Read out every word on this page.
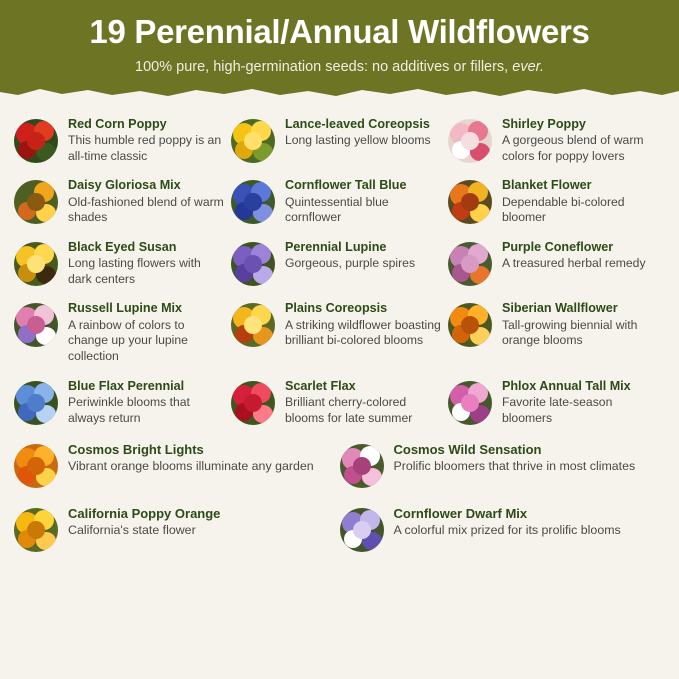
19 Perennial/Annual Wildflowers
100% pure, high-germination seeds: no additives or fillers, ever.

Red Corn Poppy

This humble red poppy is an all-time classic

Lance-leaved Coreopsis

Long lasting yellow blooms

Shirley Poppy

A gorgeous blend of warm colors for poppy lovers

Daisy Gloriosa Mix

Old-fashioned blend of warm shades

Cornflower Tall Blue

Quintessential blue cornflower

Blanket Flower

Dependable bi-colored bloomer

Black Eyed Susan

Long lasting flowers with dark centers

Perennial Lupine

Gorgeous, purple spires

Purple Coneflower

A treasured herbal remedy

Russell Lupine Mix

A rainbow of colors to change up your lupine collection

Plains Coreopsis

A striking wildflower boasting brilliant bi-colored blooms

Siberian Wallflower

Tall-growing biennial with orange blooms

Blue Flax Perennial

Periwinkle blooms that always return

Scarlet Flax

Brilliant cherry-colored blooms for late summer

Phlox Annual Tall Mix

Favorite late-season bloomers

Cosmos Bright Lights

Vibrant orange blooms illuminate any garden

Cosmos Wild Sensation

Prolific bloomers that thrive in most climates

California Poppy Orange

California's state flower

Cornflower Dwarf Mix

A colorful mix prized for its prolific blooms
